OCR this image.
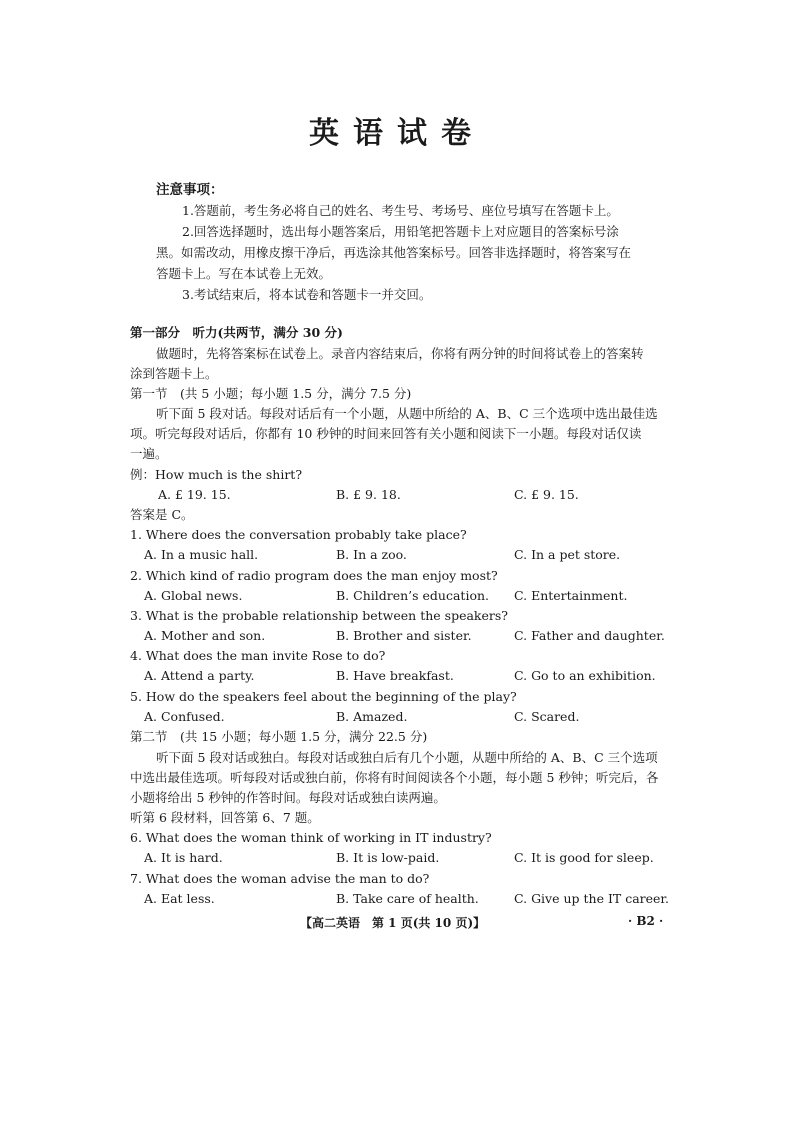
英语试卷
注意事项：
1.答题前，考生务必将自己的姓名、考生号、考场号、座位号填写在答题卡上。
2.回答选择题时，选出每小题答案后，用铅笔把答题卡上对应题目的答案标号涂
黑。如需改动，用橡皮擦干净后，再选涂其他答案标号。回答非选择题时，将答案写在
答题卡上。写在本试卷上无效。
3.考试结束后，将本试卷和答题卡一并交回。
第一部分　听力(共两节，满分 30 分)
做题时，先将答案标在试卷上。录音内容结束后，你将有两分钟的时间将试卷上的答案转
涂到答题卡上。
第一节　(共 5 小题；每小题 1.5 分，满分 7.5 分)
听下面 5 段对话。每段对话后有一个小题，从题中所给的 A、B、C 三个选项中选出最佳选
项。听完每段对话后，你都有 10 秒钟的时间来回答有关小题和阅读下一小题。每段对话仅读
一遍。
例：How much is the shirt?
A. £ 19. 15.	B. £ 9. 18.	C. £ 9. 15.
答案是 C。
1. Where does the conversation probably take place?
A. In a music hall.	B. In a zoo.	C. In a pet store.
2. Which kind of radio program does the man enjoy most?
A. Global news.	B. Children’s education. C. Entertainment.
3. What is the probable relationship between the speakers?
A. Mother and son.	B. Brother and sister.	C. Father and daughter.
4. What does the man invite Rose to do?
A. Attend a party.	B. Have breakfast.	C. Go to an exhibition.
5. How do the speakers feel about the beginning of the play?
A. Confused.	B. Amazed.	C. Scared.
第二节　(共 15 小题；每小题 1.5 分，满分 22.5 分)
听下面 5 段对话或独白。每段对话或独白后有几个小题，从题中所给的 A、B、C 三个选项
中选出最佳选项。听每段对话或独白前，你将有时间阅读各个小题，每小题 5 秒钟；听完后，各
小题将给出 5 秒钟的作答时间。每段对话或独白读两遍。
听第 6 段材料，回答第 6、7 题。
6. What does the woman think of working in IT industry?
A. It is hard.	B. It is low-paid.	C. It is good for sleep.
7. What does the woman advise the man to do?
A. Eat less.	B. Take care of health.	C. Give up the IT career.
【高二英语　第 1 页(共 10 页)】	· B2 ·
